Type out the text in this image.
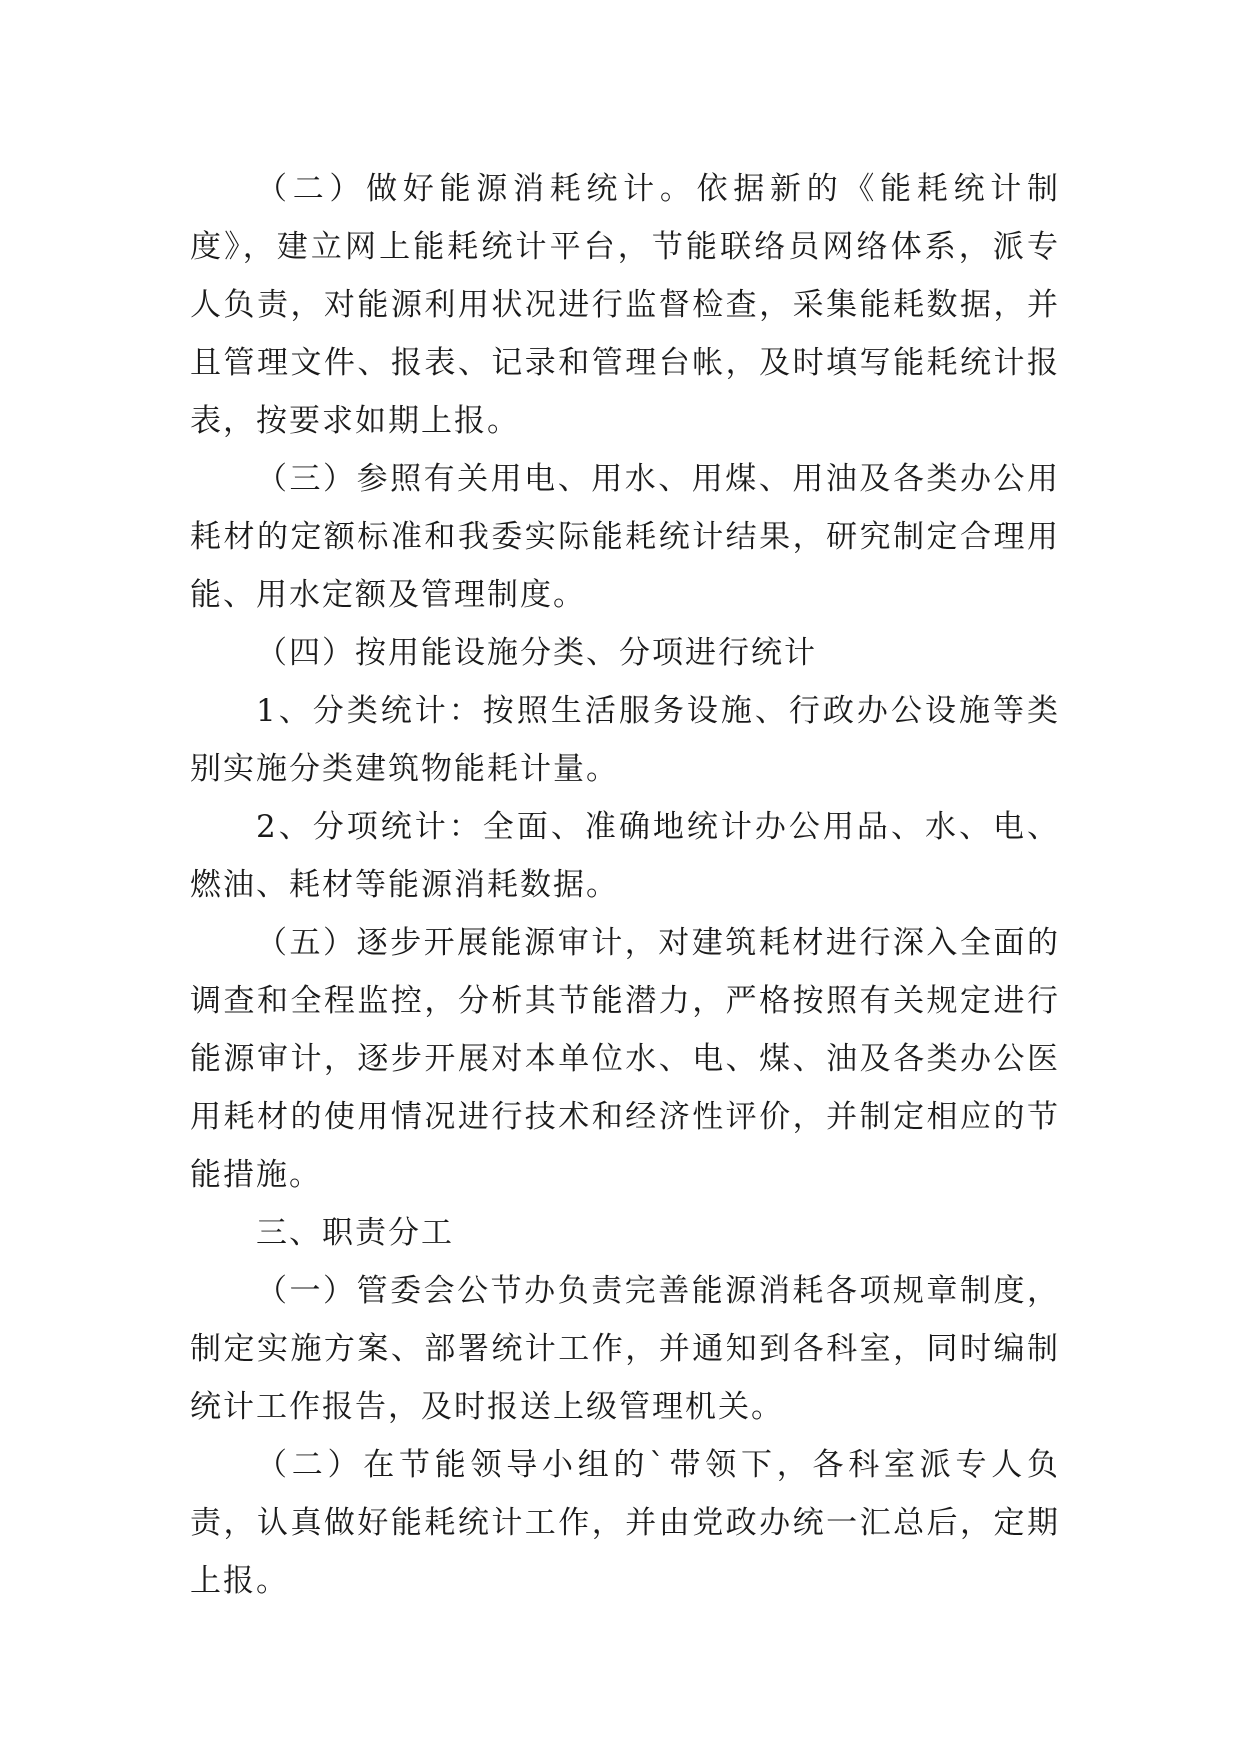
（二）做好能源消耗统计。依据新的《能耗统计制度》，建立网上能耗统计平台，节能联络员网络体系，派专人负责，对能源利用状况进行监督检查，采集能耗数据，并且管理文件、报表、记录和管理台帐，及时填写能耗统计报表，按要求如期上报。

（三）参照有关用电、用水、用煤、用油及各类办公用耗材的定额标准和我委实际能耗统计结果，研究制定合理用能、用水定额及管理制度。

（四）按用能设施分类、分项进行统计

1、分类统计：按照生活服务设施、行政办公设施等类别实施分类建筑物能耗计量。

2、分项统计：全面、准确地统计办公用品、水、电、燃油、耗材等能源消耗数据。

（五）逐步开展能源审计，对建筑耗材进行深入全面的调查和全程监控，分析其节能潜力，严格按照有关规定进行能源审计，逐步开展对本单位水、电、煤、油及各类办公医用耗材的使用情况进行技术和经济性评价，并制定相应的节能措施。

三、职责分工

（一）管委会公节办负责完善能源消耗各项规章制度，制定实施方案、部署统计工作，并通知到各科室，同时编制统计工作报告，及时报送上级管理机关。

（二）在节能领导小组的`带领下，各科室派专人负责，认真做好能耗统计工作，并由党政办统一汇总后，定期上报。
